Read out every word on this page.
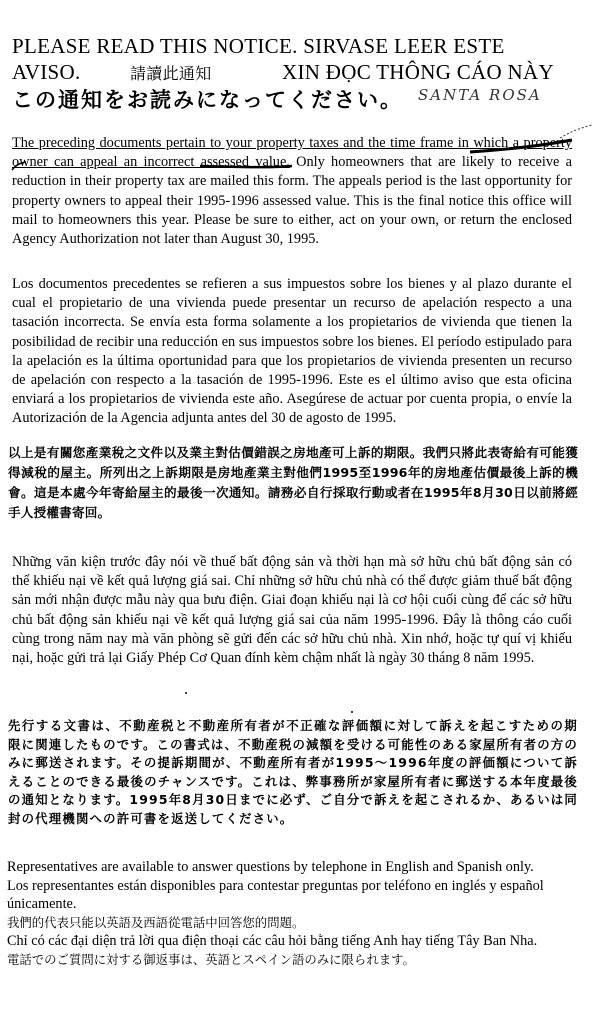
PLEASE READ THIS NOTICE. SIRVASE LEER ESTE
AVISO.	請讀此通知	XIN ĐỌC THÔNG CÁO NÀY
この通知をお読みになってください。 SANTA ROSA
The preceding documents pertain to your property taxes and the time frame in which a property owner can appeal an incorrect assessed value. Only homeowners that are likely to receive a reduction in their property tax are mailed this form. The appeals period is the last opportunity for property owners to appeal their 1995-1996 assessed value. This is the final notice this office will mail to homeowners this year. Please be sure to either, act on your own, or return the enclosed Agency Authorization not later than August 30, 1995.
Los documentos precedentes se refieren a sus impuestos sobre los bienes y al plazo durante el cual el propietario de una vivienda puede presentar un recurso de apelación respecto a una tasación incorrecta. Se envía esta forma solamente a los propietarios de vivienda que tienen la posibilidad de recibir una reducción en sus impuestos sobre los bienes. El período estipulado para la apelación es la última oportunidad para que los propietarios de vivienda presenten un recurso de apelación con respecto a la tasación de 1995-1996. Este es el último aviso que esta oficina enviará a los propietarios de vivienda este año. Asegúrese de actuar por cuenta propia, o envíe la Autorización de la Agencia adjunta antes del 30 de agosto de 1995.
以上是有關您產業稅之文件以及業主對估價錯誤之房地產可上訴的期限。我們只將此表寄給有可能獲得減稅的屋主。所列出之上訴期限是房地產業主對他們1995至1996年的房地產估價最後上訴的機會。這是本處今年寄給屋主的最後一次通知。請務必自行採取行動或者在1995年8月30日以前將經手人授權書寄回。
Những văn kiện trước đây nói về thuế bất động sản và thời hạn mà sở hữu chủ bất động sản có thể khiếu nại về kết quả lượng giá sai. Chỉ những sở hữu chủ nhà có thể được giảm thuế bất động sản mới nhận được mẫu này qua bưu điện. Giai đoạn khiếu nại là cơ hội cuối cùng để các sở hữu chủ bất động sản khiếu nại về kết quả lượng giá sai của năm 1995-1996. Đây là thông cáo cuối cùng trong năm nay mà văn phòng sẽ gửi đến các sở hữu chủ nhà. Xin nhớ, hoặc tự quí vị khiếu nại, hoặc gửi trả lại Giấy Phép Cơ Quan đính kèm chậm nhất là ngày 30 tháng 8 năm 1995.
先行する文書は、不動産税と不動産所有者が不正確な評価額に対して訴えを起こすための期限に関連したものです。この書式は、不動産税の減額を受ける可能性のある家屋所有者の方のみに郵送されます。その提訴期間が、不動産所有者が1995～1996年度の評価額について訴えることのできる最後のチャンスです。これは、弊事務所が家屋所有者に郵送する本年度最後の通知となります。1995年8月30日までに必ず、ご自分で訴えを起こされるか、あるいは同封の代理機関への許可書を返送してください。
Representatives are available to answer questions by telephone in English and Spanish only.
Los representantes están disponibles para contestar preguntas por teléfono en inglés y español únicamente.
我們的代表只能以英語及西語從電話中回答您的問題。
Chỉ có các đại diện trả lời qua điện thoại các câu hỏi bằng tiếng Anh hay tiếng Tây Ban Nha.
電話でのご質問に対する御返事は、英語とスペイン語のみに限られます。
